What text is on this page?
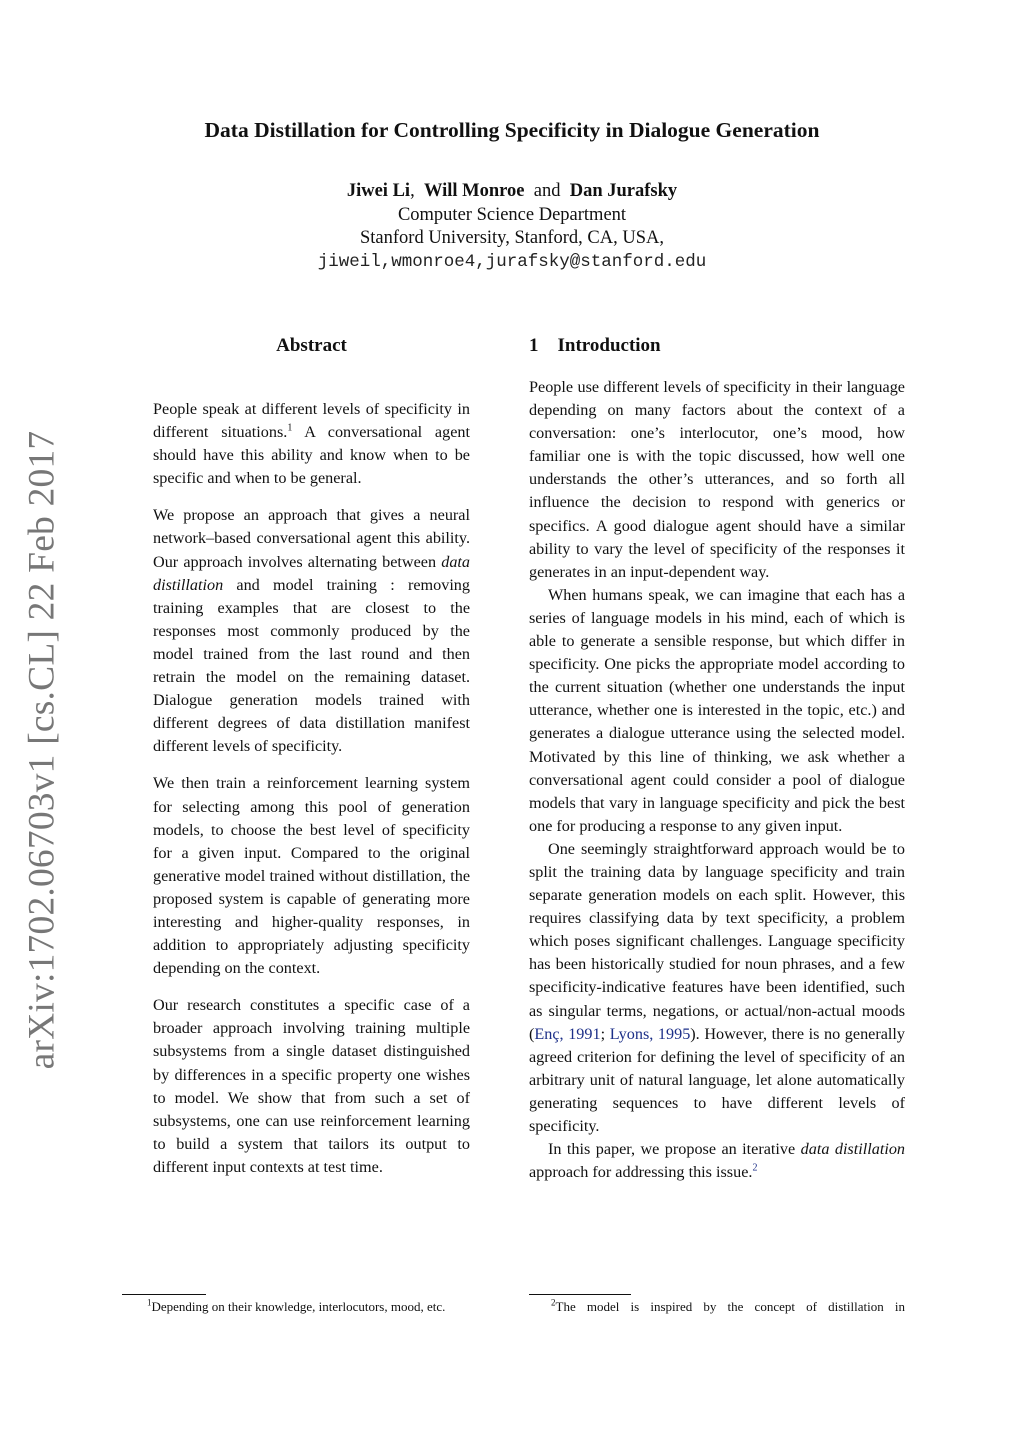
arXiv:1702.06703v1 [cs.CL] 22 Feb 2017
Data Distillation for Controlling Specificity in Dialogue Generation
Jiwei Li, Will Monroe and Dan Jurafsky
Computer Science Department
Stanford University, Stanford, CA, USA,
jiweil,wmonroe4,jurafsky@stanford.edu
Abstract

People speak at different levels of specificity in different situations.$^1$ A conversational agent should have this ability and know when to be specific and when to be general.

We propose an approach that gives a neural network–based conversational agent this ability. Our approach involves alternating between data distillation and model training : removing training examples that are closest to the responses most commonly produced by the model trained from the last round and then retrain the model on the remaining dataset. Dialogue generation models trained with different degrees of data distillation manifest different levels of specificity.

We then train a reinforcement learning system for selecting among this pool of generation models, to choose the best level of specificity for a given input. Compared to the original generative model trained without distillation, the proposed system is capable of generating more interesting and higher-quality responses, in addition to appropriately adjusting specificity depending on the context.

Our research constitutes a specific case of a broader approach involving training multiple subsystems from a single dataset distinguished by differences in a specific property one wishes to model. We show that from such a set of subsystems, one can use reinforcement learning to build a system that tailors its output to different input contexts at test time.

1    Introduction

People use different levels of specificity in their language depending on many factors about the context of a conversation: one’s interlocutor, one’s mood, how familiar one is with the topic discussed, how well one understands the other’s utterances, and so forth all influence the decision to respond with generics or specifics. A good dialogue agent should have a similar ability to vary the level of specificity of the responses it generates in an input-dependent way.

When humans speak, we can imagine that each has a series of language models in his mind, each of which is able to generate a sensible response, but which differ in specificity. One picks the appropriate model according to the current situation (whether one understands the input utterance, whether one is interested in the topic, etc.) and generates a dialogue utterance using the selected model. Motivated by this line of thinking, we ask whether a conversational agent could consider a pool of dialogue models that vary in language specificity and pick the best one for producing a response to any given input.

One seemingly straightforward approach would be to split the training data by language specificity and train separate generation models on each split. However, this requires classifying data by text specificity, a problem which poses significant challenges. Language specificity has been historically studied for noun phrases, and a few specificity-indicative features have been identified, such as singular terms, negations, or actual/non-actual moods (Enç, 1991; Lyons, 1995). However, there is no generally agreed criterion for defining the level of specificity of an arbitrary unit of natural language, let alone automatically generating sequences to have different levels of specificity.

In this paper, we propose an iterative data distillation approach for addressing this issue.$^2$

$^1$Depending on their knowledge, interlocutors, mood, etc.	$^2$The model is inspired by the concept of distillation in
